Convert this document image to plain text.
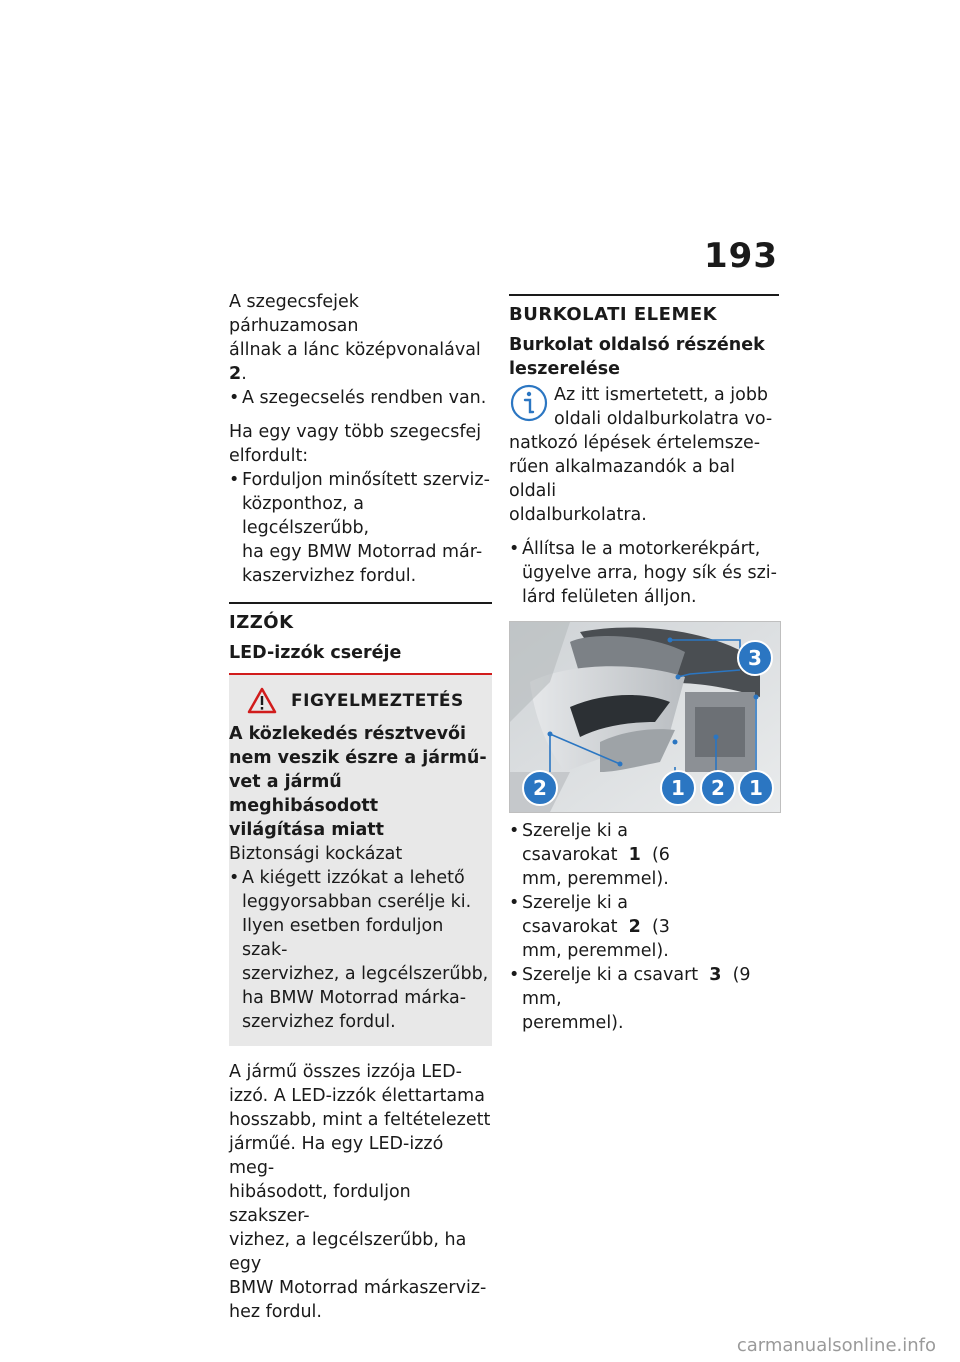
193
A szegecsfejek párhuzamosan
állnak a lánc középvonalával 2.
• A szegecselés rendben van.
Ha egy vagy több szegecsfej
elfordult:
• Forduljon minősített szerviz-
központhoz, a legcélszerűbb,
ha egy BMW Motorrad már-
kaszervizhez fordul.
IZZÓK
LED-izzók cseréje
FIGYELMEZTETÉS
A közlekedés résztvevői
nem veszik észre a jármű-
vet a jármű meghibásodott
világítása miatt
Biztonsági kockázat
• A kiégett izzókat a lehető
leggyorsabban cserélje ki.
Ilyen esetben forduljon szak-
szervizhez, a legcélszerűbb,
ha BMW Motorrad márka-
szervizhez fordul.
A jármű összes izzója LED-
izzó. A LED-izzók élettartama
hosszabb, mint a feltételezett
járműé. Ha egy LED-izzó meg-
hibásodott, forduljon szakszer-
vizhez, a legcélszerűbb, ha egy
BMW Motorrad márkaszerviz-
hez fordul.
BURKOLATI ELEMEK
Burkolat oldalsó részének
leszerelése
Az itt ismertetett, a jobb
oldali oldalburkolatra vo-
natkozó lépések értelemsze-
rűen alkalmazandók a bal oldali
oldalburkolatra.
• Állítsa le a motorkerékpárt,
ügyelve arra, hogy sík és szi-
lárd felületen álljon.
3
2	1	2	1
• Szerelje ki a csavarokat 1 (6
mm, peremmel).
• Szerelje ki a csavarokat 2 (3
mm, peremmel).
• Szerelje ki a csavart 3 (9 mm,
peremmel).
carmanualsonline.info
